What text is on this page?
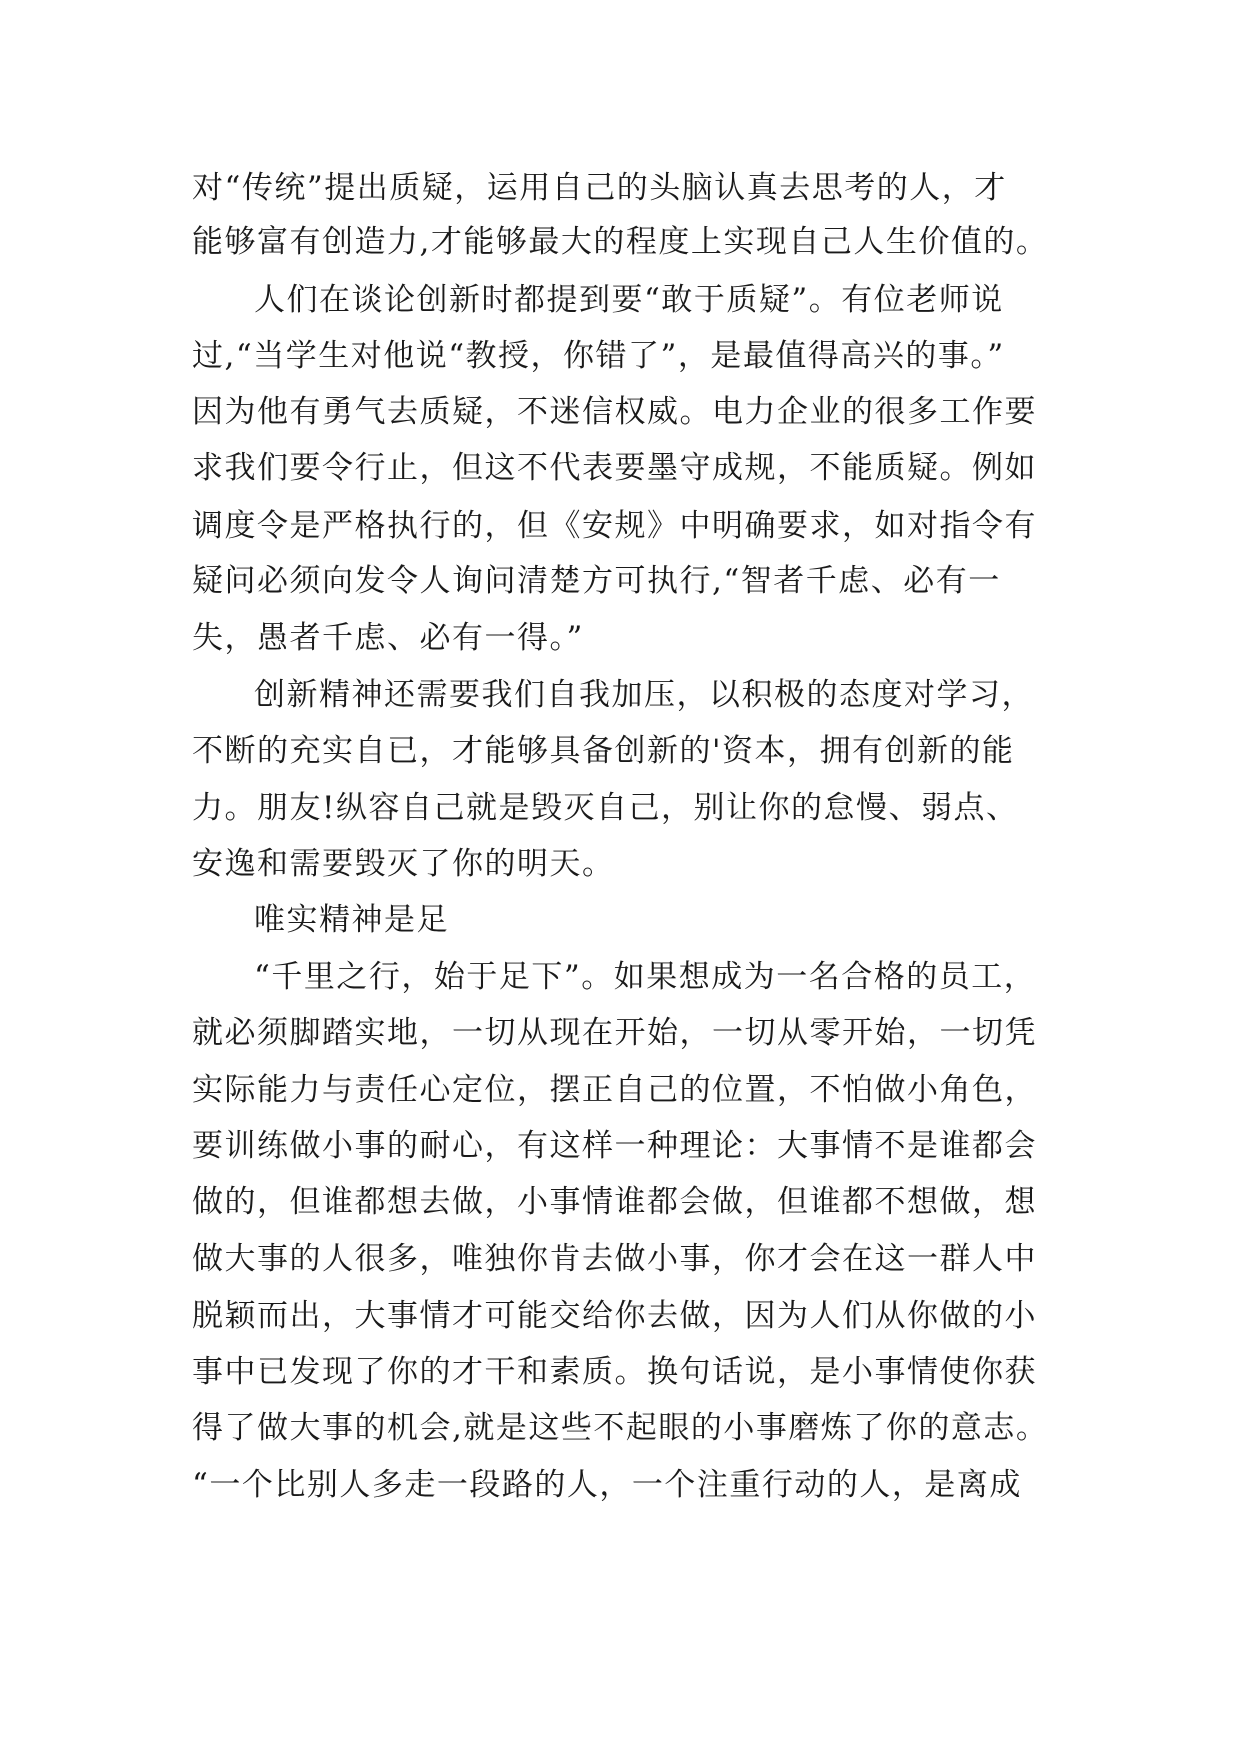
对“传统”提出质疑，运用自己的头脑认真去思考的人，才
能够富有创造力,才能够最大的程度上实现自己人生价值的。
人们在谈论创新时都提到要“敢于质疑”。有位老师说
过,“当学生对他说“教授，你错了”，是最值得高兴的事。”
因为他有勇气去质疑，不迷信权威。电力企业的很多工作要
求我们要令行止，但这不代表要墨守成规，不能质疑。例如
调度令是严格执行的，但《安规》中明确要求，如对指令有
疑问必须向发令人询问清楚方可执行,“智者千虑、必有一
失，愚者千虑、必有一得。”
创新精神还需要我们自我加压，以积极的态度对学习，
不断的充实自已，才能够具备创新的'资本，拥有创新的能
力。朋友!纵容自己就是毁灭自己，别让你的怠慢、弱点、
安逸和需要毁灭了你的明天。
唯实精神是足
“千里之行，始于足下”。如果想成为一名合格的员工，
就必须脚踏实地，一切从现在开始，一切从零开始，一切凭
实际能力与责任心定位，摆正自己的位置，不怕做小角色，
要训练做小事的耐心，有这样一种理论：大事情不是谁都会
做的，但谁都想去做，小事情谁都会做，但谁都不想做，想
做大事的人很多，唯独你肯去做小事，你才会在这一群人中
脱颖而出，大事情才可能交给你去做，因为人们从你做的小
事中已发现了你的才干和素质。换句话说，是小事情使你获
得了做大事的机会,就是这些不起眼的小事磨炼了你的意志。
“一个比别人多走一段路的人，一个注重行动的人，是离成
